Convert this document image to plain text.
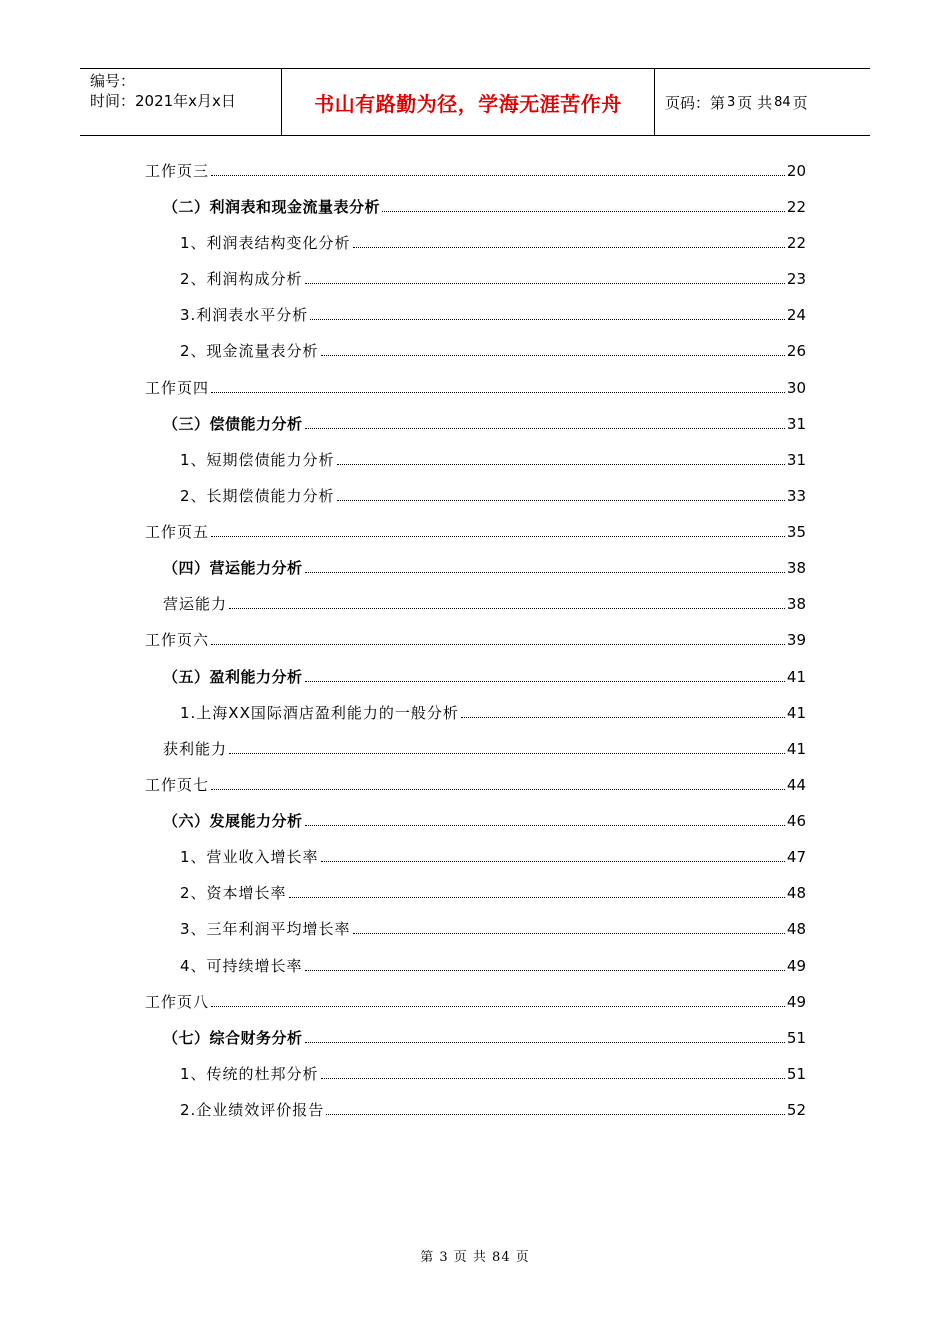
编号：
时间：2021年x月x日	书山有路勤为径，学海无涯苦作舟	页码：第 3 页 共 84 页
工作页三	20
（二）利润表和现金流量表分析	22
1、利润表结构变化分析	22
2、利润构成分析	23
3.利润表水平分析	24
2、现金流量表分析	26
工作页四	30
（三）偿债能力分析	31
1、短期偿债能力分析	31
2、长期偿债能力分析	33
工作页五	35
（四）营运能力分析	38
营运能力	38
工作页六	39
（五）盈利能力分析	41
1.上海XX国际酒店盈利能力的一般分析	41
获利能力	41
工作页七	44
（六）发展能力分析	46
1、营业收入增长率	47
2、资本增长率	48
3、三年利润平均增长率	48
4、可持续增长率	49
工作页八	49
（七）综合财务分析	51
1、传统的杜邦分析	51
2.企业绩效评价报告	52
第 3 页 共 84 页
